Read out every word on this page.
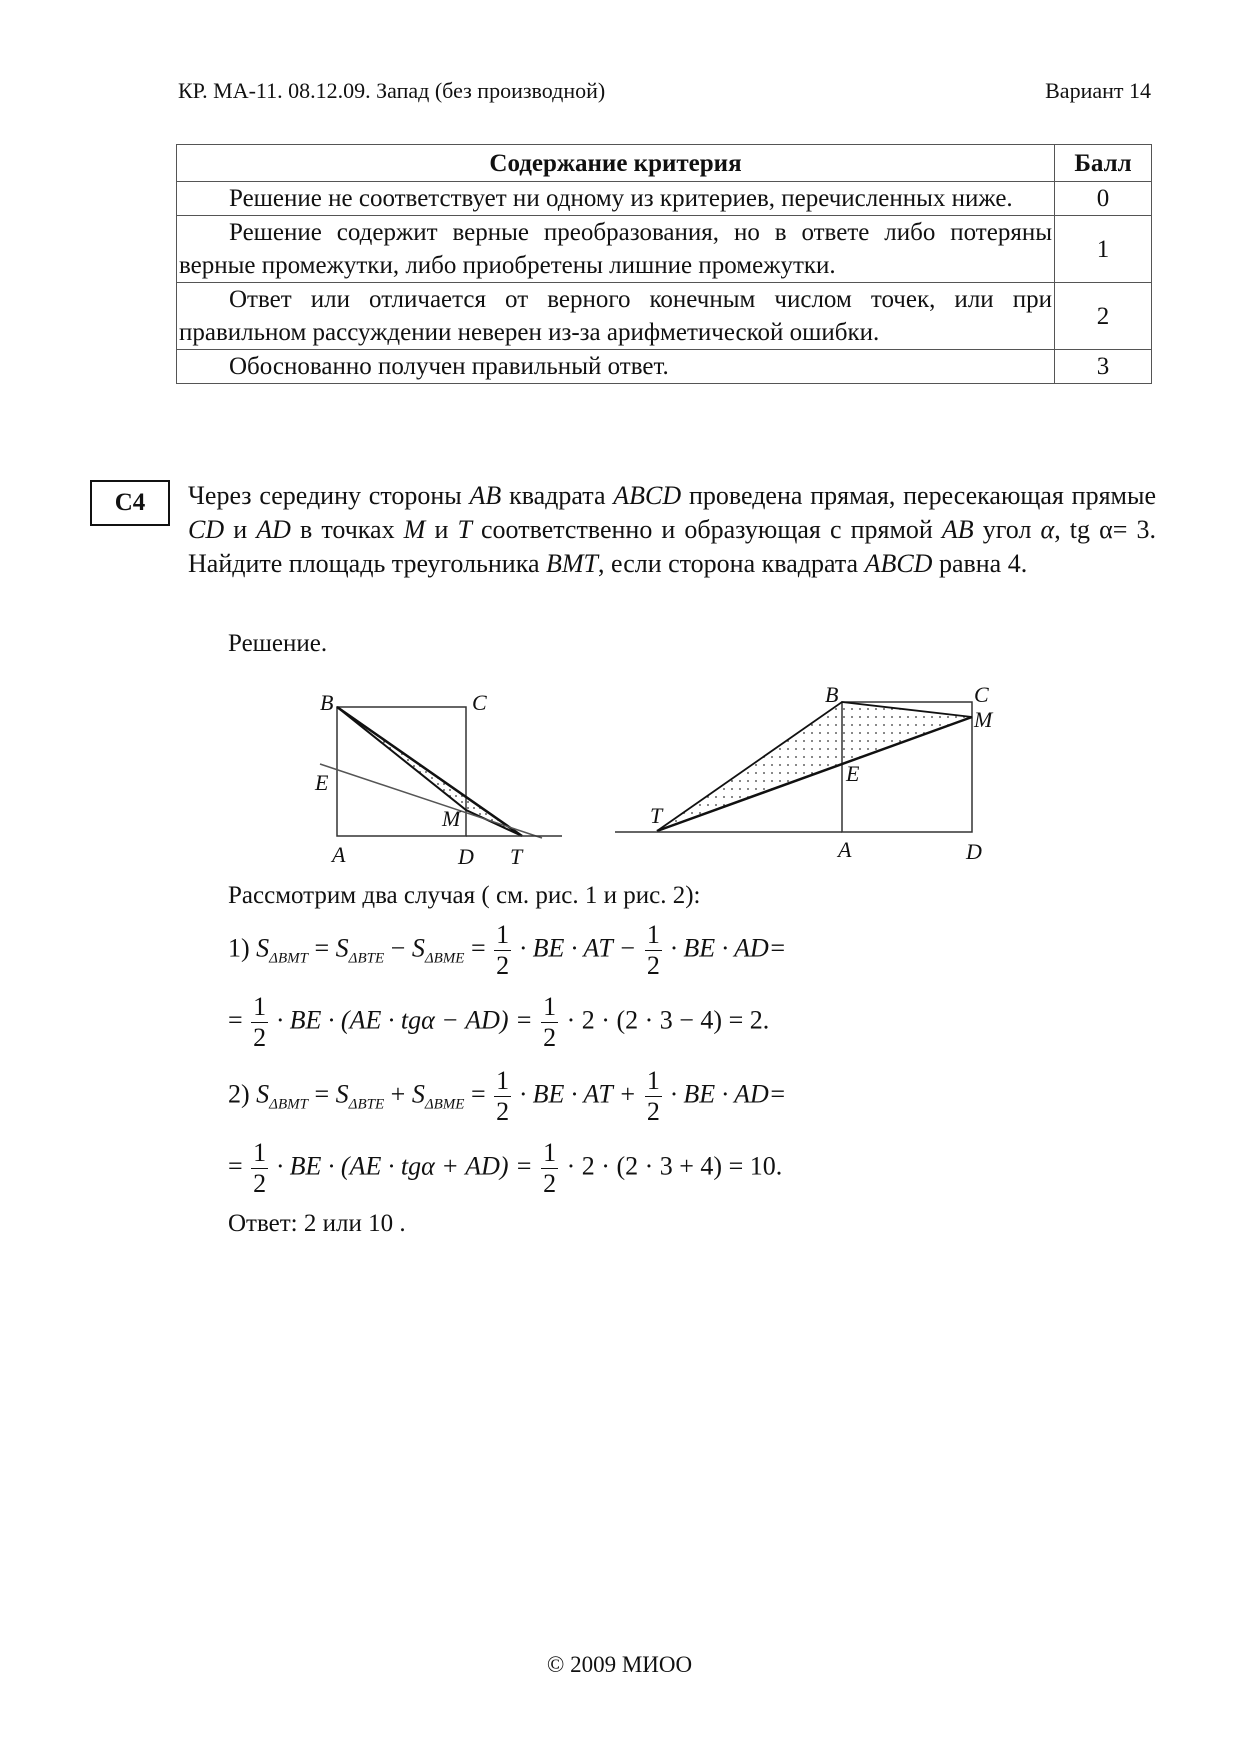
КР. МА-11. 08.12.09. Запад (без производной)	Вариант 14
Содержание критерия	Балл
Решение не соответствует ни одному из критериев, перечисленных ниже.	0
Решение содержит верные преобразования, но в ответе либо потеряны верные промежутки, либо приобретены лишние промежутки.	1
Ответ или отличается от верного конечным числом точек, или при правильном рассуждении неверен из-за арифметической ошибки.	2
Обоснованно получен правильный ответ.	3
C4	Через середину стороны AB квадрата ABCD проведена прямая, пересекающая прямые CD и AD в точках M и T соответственно и образующая с прямой AB угол α, tg α= 3. Найдите площадь треугольника BMT, если сторона квадрата ABCD равна 4.
Решение.
B	C
E
M
A	D T
B	C
M
E
T
A	D
Рассмотрим два случая ( см. рис. 1 и рис. 2):
1) $S_{\Delta BMT} = S_{\Delta BTE} - S_{\Delta BME} = \frac{1}{2}$ · BE · AT − $\frac{1}{2}$ · BE · AD=
= $\frac{1}{2}$ · BE · $(AE \cdot tg\alpha - AD) = \frac{1}{2} \cdot 2 \cdot (2 \cdot 3 - 4) = 2$.
2) $S_{\Delta BMT} = S_{\Delta BTE} + S_{\Delta BME} = \frac{1}{2}$ · BE · AT + $\frac{1}{2}$ · BE · AD=
= $\frac{1}{2}$ · BE · $(AE \cdot tg\alpha + AD) = \frac{1}{2} \cdot 2 \cdot (2 \cdot 3 + 4) = 10$.
Ответ: 2 или 10 .
© 2009 МИОО
